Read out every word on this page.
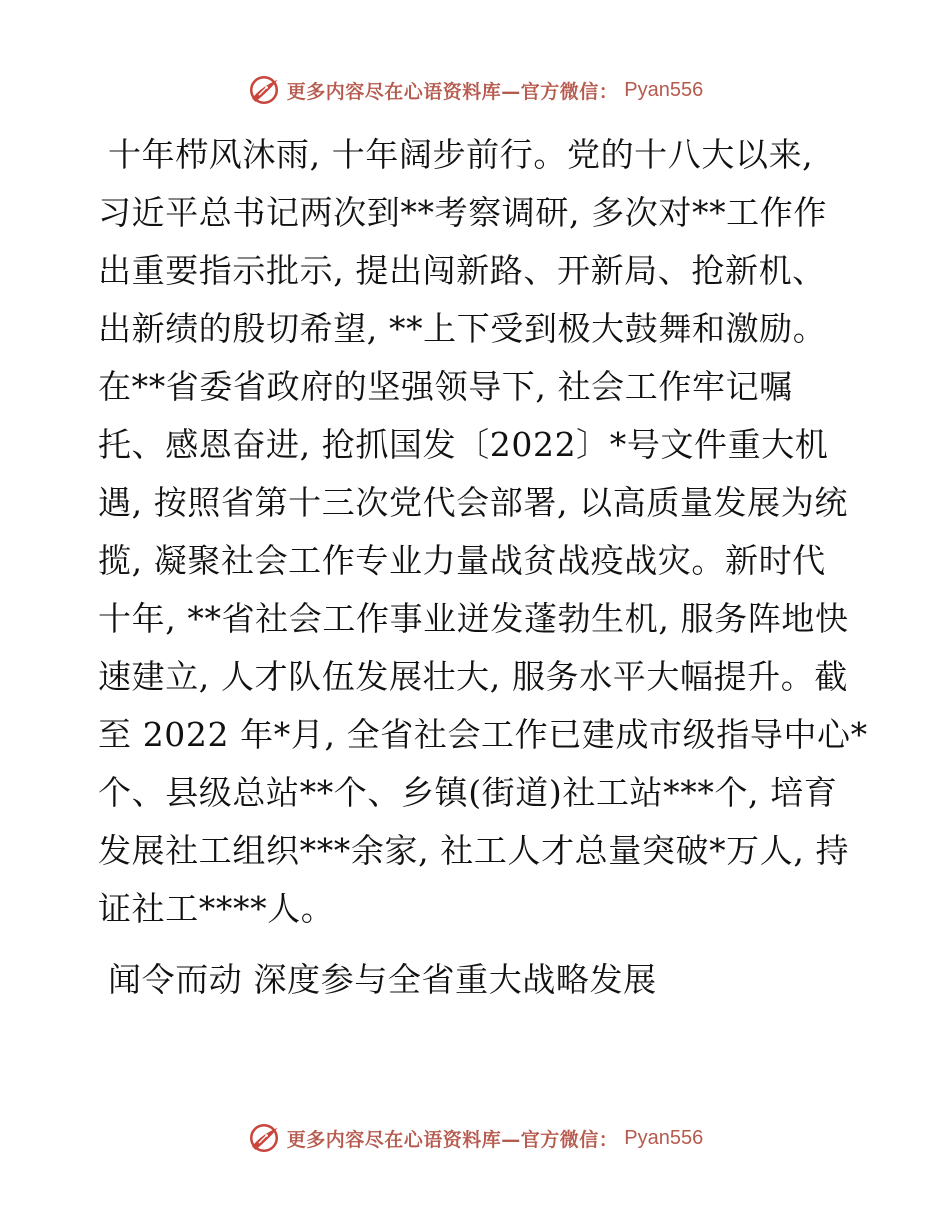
更多内容尽在心语资料库—官方微信： Pyan556
十年栉风沐雨, 十年阔步前行。党的十八大以来,
习近平总书记两次到**考察调研, 多次对**工作作
出重要指示批示, 提出闯新路、开新局、抢新机、
出新绩的殷切希望, **上下受到极大鼓舞和激励。
在**省委省政府的坚强领导下, 社会工作牢记嘱
托、感恩奋进, 抢抓国发〔2022〕*号文件重大机
遇, 按照省第十三次党代会部署, 以高质量发展为统
揽, 凝聚社会工作专业力量战贫战疫战灾。新时代
十年, **省社会工作事业迸发蓬勃生机, 服务阵地快
速建立, 人才队伍发展壮大, 服务水平大幅提升。截
至 2022 年*月, 全省社会工作已建成市级指导中心*
个、县级总站**个、乡镇(街道)社工站***个, 培育
发展社工组织***余家, 社工人才总量突破*万人, 持
证社工****人。
闻令而动 深度参与全省重大战略发展
更多内容尽在心语资料库—官方微信： Pyan556
